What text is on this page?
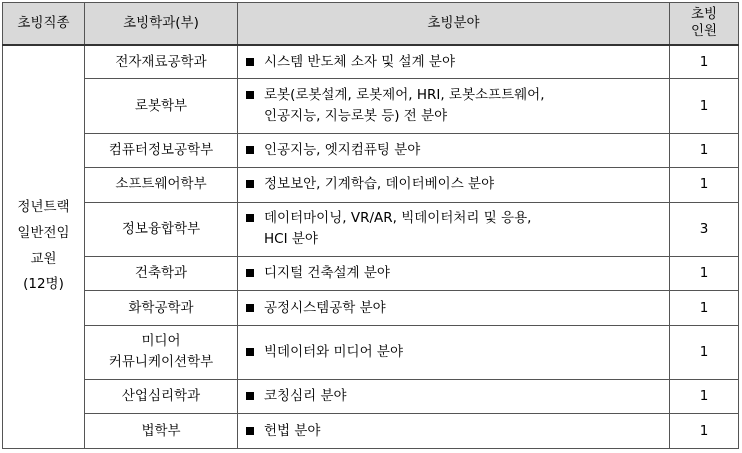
초빙직종	초빙학과(부)	초빙분야	초빙
인원

정년트랙
일반전임
교원
(12명)	전자재료공학과	시스템 반도체 소자 및 설계 분야	1
	로봇학부	로봇(로봇설계, 로봇제어, HRI, 로봇소프트웨어,
인공지능, 지능로봇 등) 전 분야	1
	컴퓨터정보공학부	인공지능, 엣지컴퓨팅 분야	1
	소프트웨어학부	정보보안, 기계학습, 데이터베이스 분야	1
	정보융합학부	데이터마이닝, VR/AR, 빅데이터처리 및 응용,
HCI 분야	3
	건축학과	디지털 건축설계 분야	1
	화학공학과	공정시스템공학 분야	1

	미디어
커뮤니케이션학부	빅데이터와 미디어 분야	1
	산업심리학과	코칭심리 분야	1
	법학부	헌법 분야	1
